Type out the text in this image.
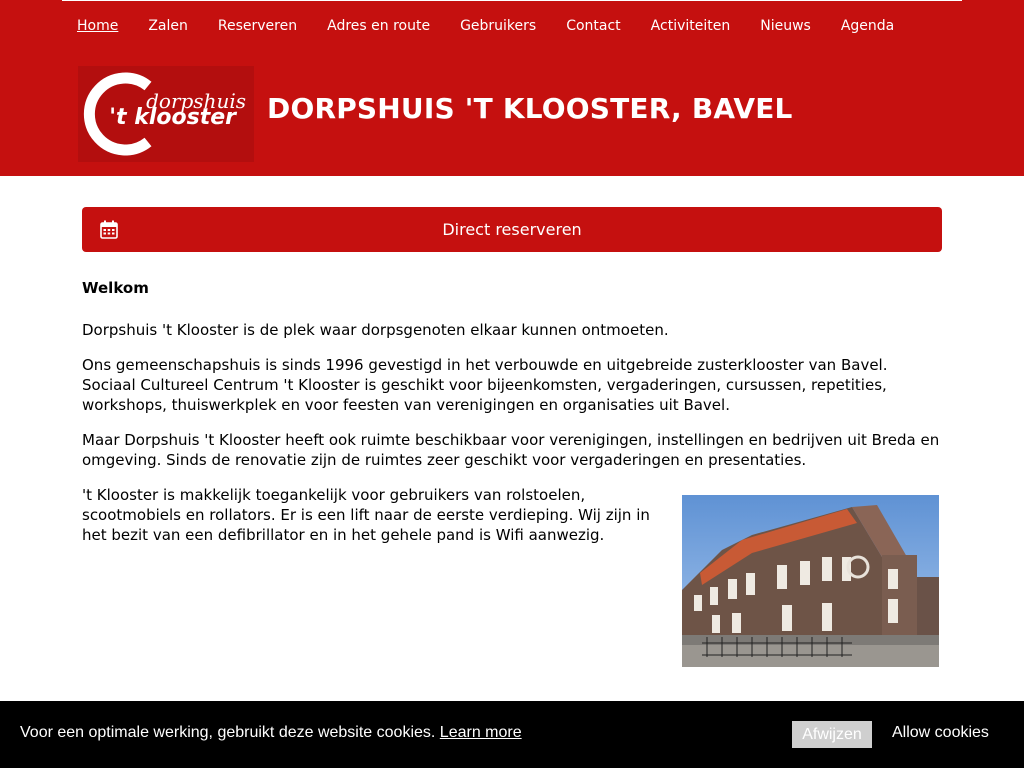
Home	Zalen	Reserveren	Adres en route	Gebruikers	Contact	Activiteiten	Nieuws	Agenda
dorpshuis
't klooster DORPSHUIS 'T KLOOSTER, BAVEL
Direct reserveren
Welkom

Dorpshuis 't Klooster is de plek waar dorpsgenoten elkaar kunnen ontmoeten.

Ons gemeenschapshuis is sinds 1996 gevestigd in het verbouwde en uitgebreide zusterklooster van Bavel. Sociaal Cultureel Centrum 't Klooster is geschikt voor bijeenkomsten, vergaderingen, cursussen, repetities, workshops, thuiswerkplek en voor feesten van verenigingen en organisaties uit Bavel.

Maar Dorpshuis 't Klooster heeft ook ruimte beschikbaar voor verenigingen, instellingen en bedrijven uit Breda en omgeving. Sinds de renovatie zijn de ruimtes zeer geschikt voor vergaderingen en presentaties.

't Klooster is makkelijk toegankelijk voor gebruikers van rolstoelen, scootmobiels en rollators. Er is een lift naar de eerste verdieping. Wij zijn in het bezit van een defibrillator en in het gehele pand is Wifi aanwezig.

Voor een optimale werking, gebruikt deze website cookies. Learn more	Afwijzen	Allow cookies
